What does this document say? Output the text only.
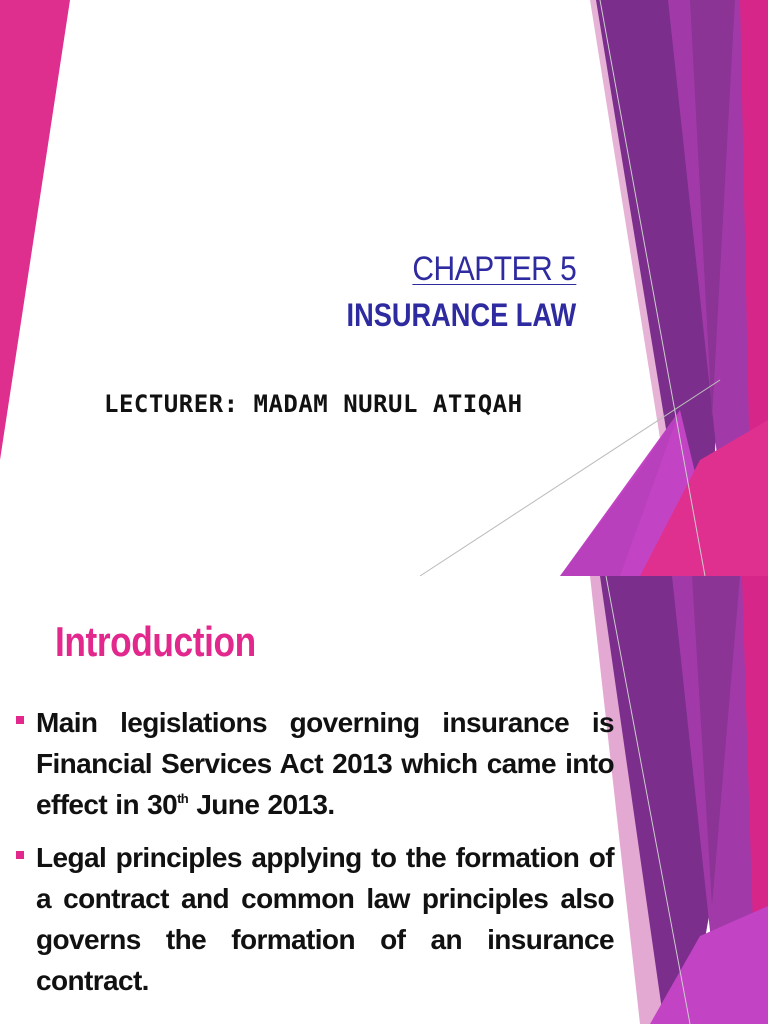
CHAPTER 5
INSURANCE LAW
LECTURER: MADAM NURUL ATIQAH
Introduction
Main legislations governing insurance is Financial Services Act 2013 which came into effect in 30th June 2013.
Legal principles applying to the formation of a contract and common law principles also governs the formation of an insurance contract.
